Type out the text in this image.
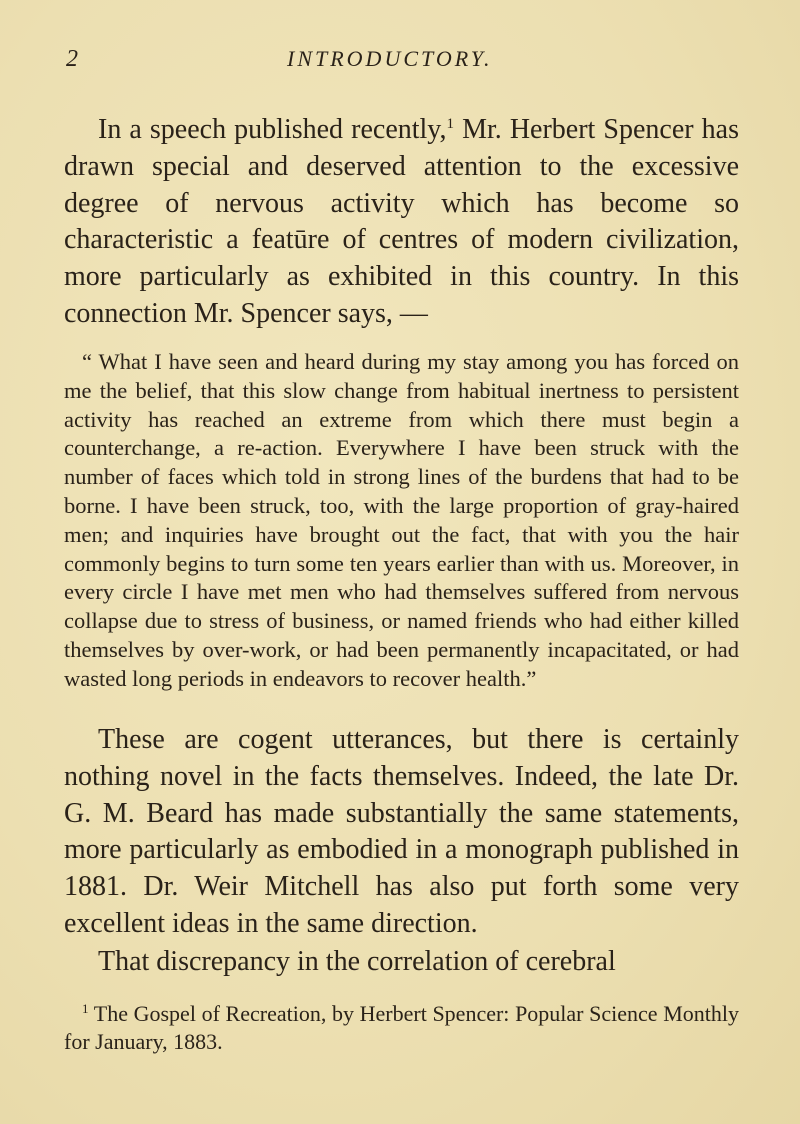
2	INTRODUCTORY.

In a speech published recently,$^1$ Mr. Herbert Spencer has drawn special and deserved attention to the excessive degree of nervous activity which has become so characteristic a featūre of centres of modern civilization, more particularly as exhibited in this country. In this connection Mr. Spencer says, —

“ What I have seen and heard during my stay among you has forced on me the belief, that this slow change from habitual inertness to persistent activity has reached an extreme from which there must begin a counterchange, a re-action. Everywhere I have been struck with the number of faces which told in strong lines of the burdens that had to be borne. I have been struck, too, with the large proportion of gray-haired men; and inquiries have brought out the fact, that with you the hair commonly begins to turn some ten years earlier than with us. Moreover, in every circle I have met men who had themselves suffered from nervous collapse due to stress of business, or named friends who had either killed themselves by over-work, or had been permanently incapacitated, or had wasted long periods in endeavors to recover health.”

These are cogent utterances, but there is certainly nothing novel in the facts themselves. Indeed, the late Dr. G. M. Beard has made substantially the same statements, more particularly as embodied in a monograph published in 1881. Dr. Weir Mitchell has also put forth some very excellent ideas in the same direction.

That discrepancy in the correlation of cerebral

$^1$ The Gospel of Recreation, by Herbert Spencer: Popular Science Monthly for January, 1883.
